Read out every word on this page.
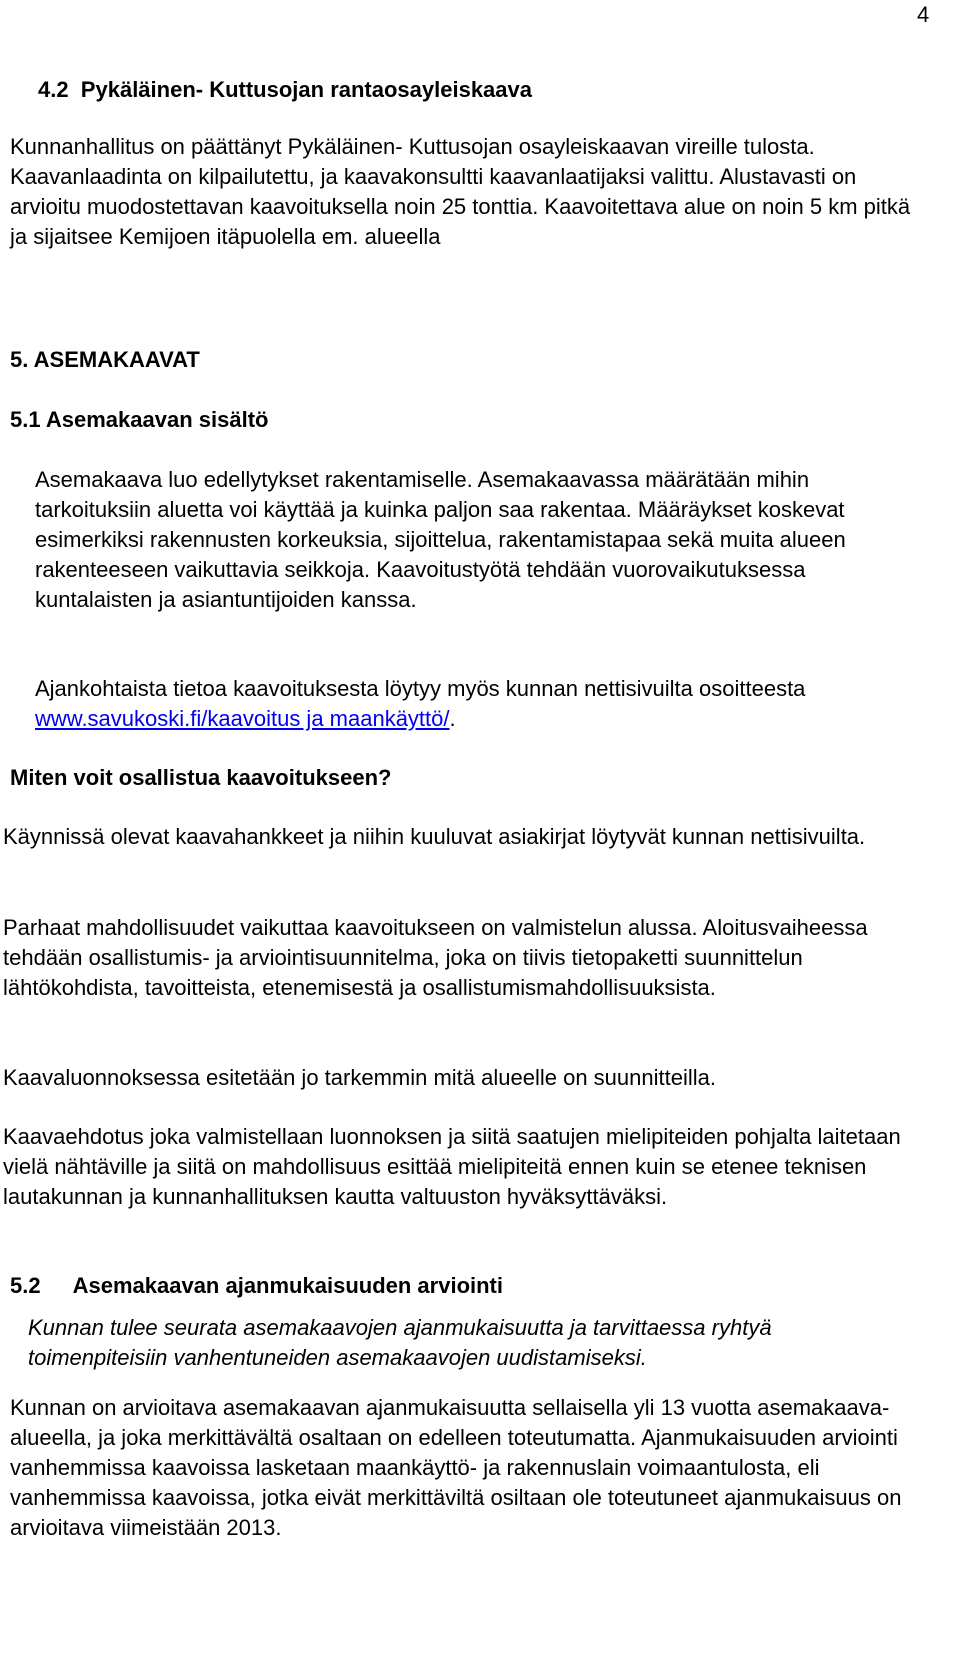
4
4.2  Pykäläinen- Kuttusojan rantaosayleiskaava

Kunnanhallitus on päättänyt Pykäläinen- Kuttusojan osayleiskaavan vireille tulosta. Kaavanlaadinta on kilpailutettu, ja kaavakonsultti kaavanlaatijaksi valittu. Alustavasti on arvioitu muodostettavan kaavoituksella noin 25 tonttia. Kaavoitettava alue on noin 5 km pitkä ja sijaitsee Kemijoen itäpuolella em. alueella

5. ASEMAKAAVAT
5.1 Asemakaavan sisältö

Asemakaava luo edellytykset rakentamiselle. Asemakaavassa määrätään mihin tarkoituksiin aluetta voi käyttää ja kuinka paljon saa rakentaa. Määräykset koskevat esimerkiksi rakennusten korkeuksia, sijoittelua, rakentamistapaa sekä muita alueen rakenteeseen vaikuttavia seikkoja. Kaavoitustyötä tehdään vuorovaikutuksessa kuntalaisten ja asiantuntijoiden kanssa.

Ajankohtaista tietoa kaavoituksesta löytyy myös kunnan nettisivuilta osoitteesta www.savukoski.fi/kaavoitus ja maankäyttö/.

Miten voit osallistua kaavoitukseen?

Käynnissä olevat kaavahankkeet ja niihin kuuluvat asiakirjat löytyvät kunnan nettisivuilta.

Parhaat mahdollisuudet vaikuttaa kaavoitukseen on valmistelun alussa. Aloitusvaiheessa tehdään osallistumis- ja arviointisuunnitelma, joka on tiivis tietopaketti suunnittelun lähtökohdista, tavoitteista, etenemisestä ja osallistumismahdollisuuksista.

Kaavaluonnoksessa esitetään jo tarkemmin mitä alueelle on suunnitteilla.

Kaavaehdotus joka valmistellaan luonnoksen ja siitä saatujen mielipiteiden pohjalta laitetaan vielä nähtäville ja siitä on mahdollisuus esittää mielipiteitä ennen kuin se etenee teknisen lautakunnan ja kunnanhallituksen kautta valtuuston hyväksyttäväksi.

5.2 Asemakaavan ajanmukaisuuden arviointi

Kunnan tulee seurata asemakaavojen ajanmukaisuutta ja tarvittaessa ryhtyä toimenpiteisiin vanhentuneiden asemakaavojen uudistamiseksi.

Kunnan on arvioitava asemakaavan ajanmukaisuutta sellaisella yli 13 vuotta asemakaava-alueella, ja joka merkittävältä osaltaan on edelleen toteutumatta. Ajanmukaisuuden arviointi vanhemmissa kaavoissa lasketaan maankäyttö- ja rakennuslain voimaantulosta, eli vanhemmissa kaavoissa, jotka eivät merkittäviltä osiltaan ole toteutuneet ajanmukaisuus on arvioitava viimeistään 2013.
